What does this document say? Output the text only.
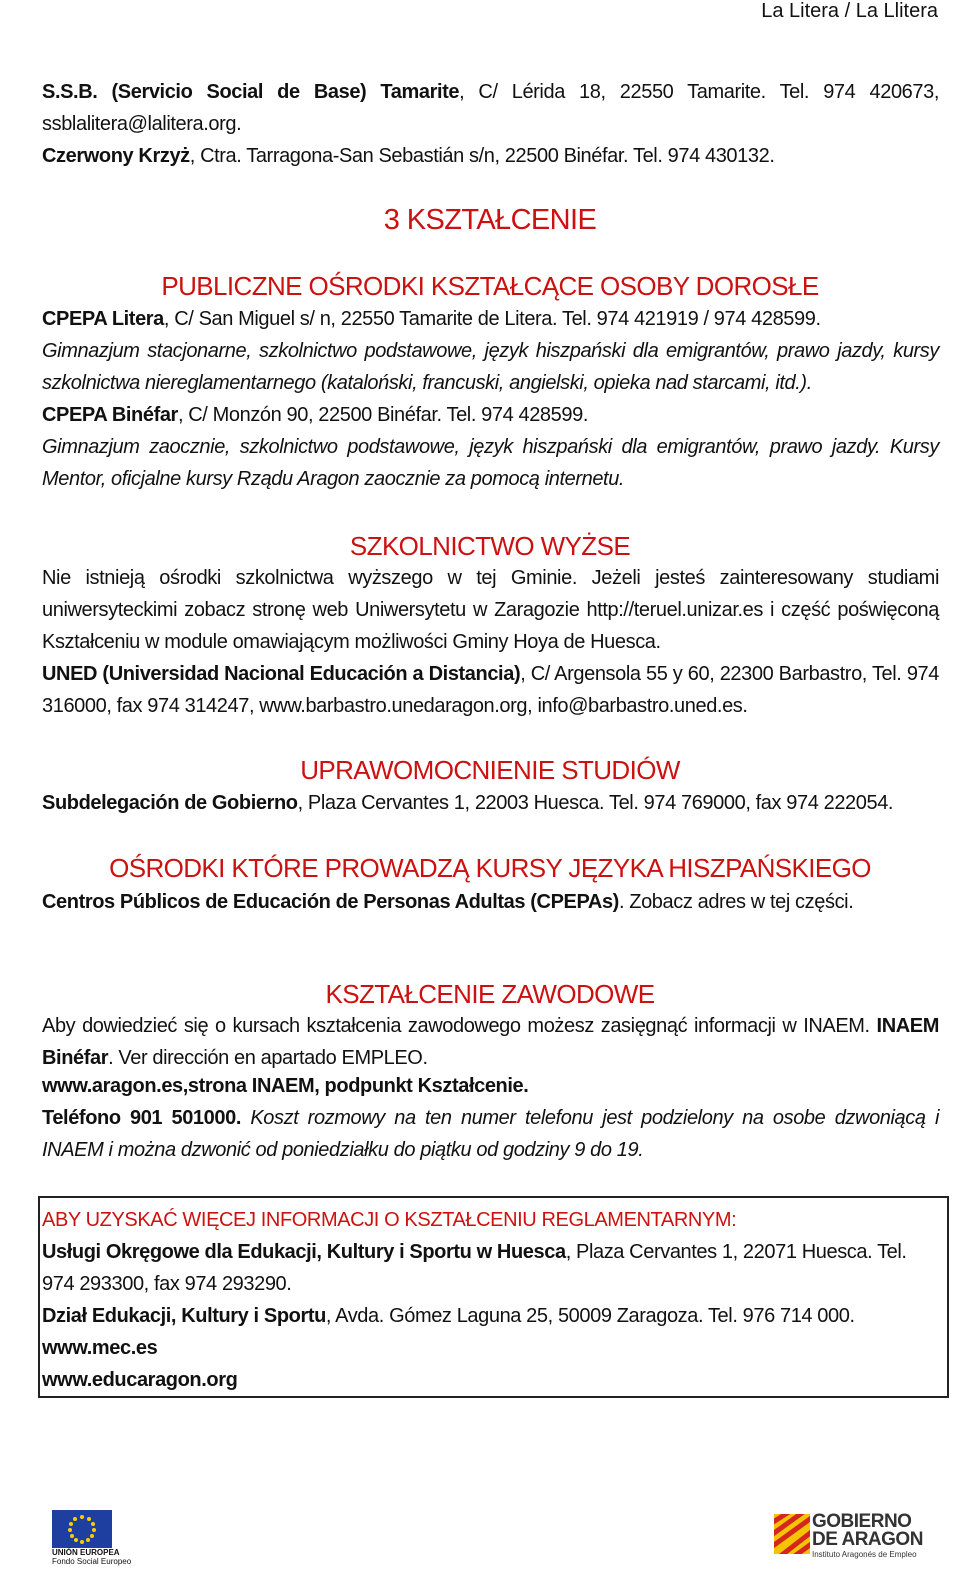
La Litera / La Llitera

S.S.B. (Servicio Social de Base) Tamarite, C/ Lérida 18, 22550 Tamarite. Tel. 974 420673, ssblalitera@lalitera.org.

Czerwony Krzyż, Ctra. Tarragona-San Sebastián s/n, 22500 Binéfar. Tel. 974 430132.

3 KSZTAŁCENIE
PUBLICZNE OŚRODKI KSZTAŁCĄCE OSOBY DOROSŁE

CPEPA Litera, C/ San Miguel s/ n, 22550 Tamarite de Litera. Tel. 974 421919 / 974 428599.

Gimnazjum stacjonarne, szkolnictwo podstawowe, język hiszpański dla emigrantów, prawo jazdy, kursy szkolnictwa niereglamentarnego (kataloński, francuski, angielski, opieka nad starcami, itd.).

CPEPA Binéfar, C/ Monzón 90, 22500 Binéfar. Tel. 974 428599.

Gimnazjum zaocznie, szkolnictwo podstawowe, język hiszpański dla emigrantów, prawo jazdy. Kursy Mentor, oficjalne kursy Rządu Aragon zaocznie za pomocą internetu.

SZKOLNICTWO WYŻSE

Nie istnieją ośrodki szkolnictwa wyższego w tej Gminie. Jeżeli jesteś zainteresowany studiami uniwersyteckimi zobacz stronę web Uniwersytetu w Zaragozie http://teruel.unizar.es i część poświęconą Kształceniu w module omawiającym możliwości Gminy Hoya de Huesca.

UNED (Universidad Nacional Educación a Distancia), C/ Argensola 55 y 60, 22300 Barbastro, Tel. 974 316000, fax 974 314247, www.barbastro.unedaragon.org, info@barbastro.uned.es.

UPRAWOMOCNIENIE STUDIÓW

Subdelegación de Gobierno, Plaza Cervantes 1, 22003 Huesca. Tel. 974 769000, fax 974 222054.

OŚRODKI KTÓRE PROWADZĄ KURSY JĘZYKA HISZPAŃSKIEGO

Centros Públicos de Educación de Personas Adultas (CPEPAs). Zobacz adres w tej części.

KSZTAŁCENIE ZAWODOWE

Aby dowiedzieć się o kursach kształcenia zawodowego możesz zasięgnąć informacji w INAEM. INAEM Binéfar. Ver dirección en apartado EMPLEO.

www.aragon.es,strona INAEM, podpunkt Kształcenie.

Teléfono 901 501000. Koszt rozmowy na ten numer telefonu jest podzielony na osobe dzwoniącą i INAEM i można dzwonić od poniedziałku do piątku od godziny 9 do 19.

ABY UZYSKAĆ WIĘCEJ INFORMACJI O KSZTAŁCENIU REGLAMENTARNYM:

Usługi Okręgowe dla Edukacji, Kultury i Sportu w Huesca, Plaza Cervantes 1, 22071 Huesca. Tel. 974 293300, fax 974 293290.

Dział Edukacji, Kultury i Sportu, Avda. Gómez Laguna 25, 50009 Zaragoza. Tel. 976 714 000.

www.mec.es

www.educaragon.org

UNIÓN EUROPEA
Fondo Social Europeo
GOBIERNO
DE ARAGON
Instituto Aragonés de Empleo
